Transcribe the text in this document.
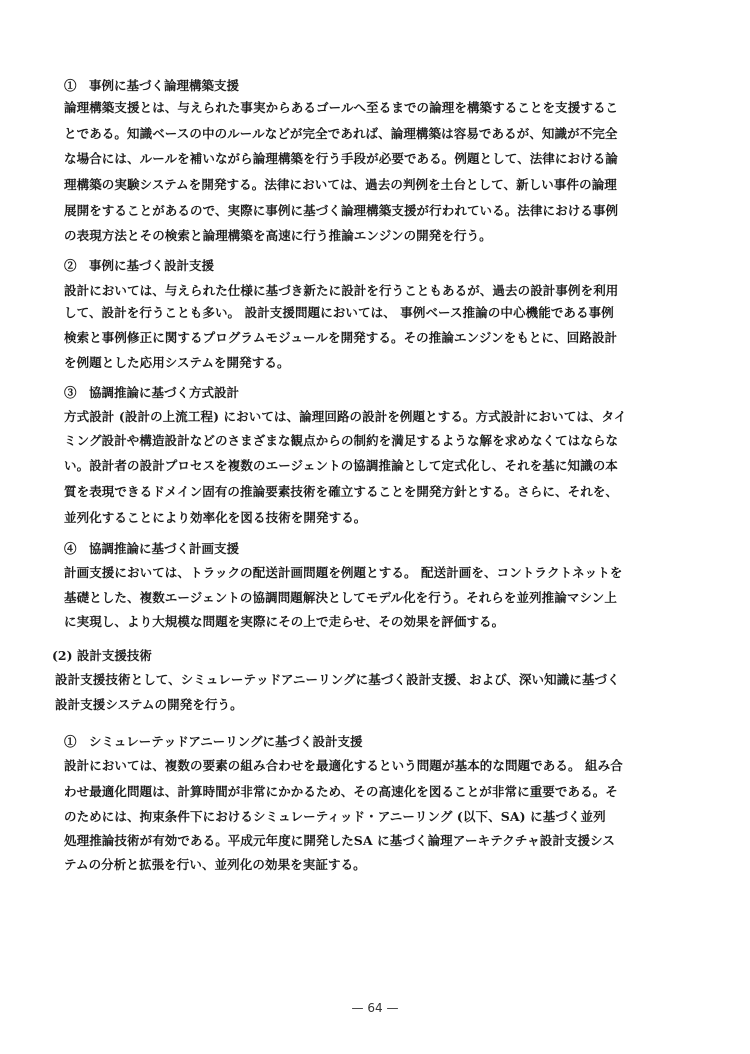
①　事例に基づく論理構築支援
論理構築支援とは、与えられた事実からあるゴールへ至るまでの論理を構築することを支援するこ
とである。知識ベースの中のルールなどが完全であれば、論理構築は容易であるが、知識が不完全
な場合には、ルールを補いながら論理構築を行う手段が必要である。例題として、法律における論
理構築の実験システムを開発する。法律においては、過去の判例を土台として、新しい事件の論理
展開をすることがあるので、実際に事例に基づく論理構築支援が行われている。法律における事例
の表現方法とその検索と論理構築を高速に行う推論エンジンの開発を行う。
②　事例に基づく設計支援
設計においては、与えられた仕様に基づき新たに設計を行うこともあるが、過去の設計事例を利用
して、設計を行うことも多い。 設計支援問題においては、 事例ベース推論の中心機能である事例
検索と事例修正に関するプログラムモジュールを開発する。その推論エンジンをもとに、回路設計
を例題とした応用システムを開発する。
③　協調推論に基づく方式設計
方式設計 (設計の上流工程) においては、論理回路の設計を例題とする。方式設計においては、タイ
ミング設計や構造設計などのさまざまな観点からの制約を満足するような解を求めなくてはならな
い。設計者の設計プロセスを複数のエージェントの協調推論として定式化し、それを基に知識の本
質を表現できるドメイン固有の推論要素技術を確立することを開発方針とする。さらに、それを、
並列化することにより効率化を図る技術を開発する。
④　協調推論に基づく計画支援
計画支援においては、トラックの配送計画問題を例題とする。 配送計画を、コントラクトネットを
基礎とした、複数エージェントの協調問題解決としてモデル化を行う。それらを並列推論マシン上
に実現し、より大規模な問題を実際にその上で走らせ、その効果を評価する。
(2) 設計支援技術
設計支援技術として、シミュレーテッドアニーリングに基づく設計支援、および、深い知識に基づく
設計支援システムの開発を行う。
①　シミュレーテッドアニーリングに基づく設計支援
設計においては、複数の要素の組み合わせを最適化するという問題が基本的な問題である。 組み合
わせ最適化問題は、計算時間が非常にかかるため、その高速化を図ることが非常に重要である。そ
のためには、拘束条件下におけるシミュレーティッド・アニーリング (以下、SA) に基づく並列
処理推論技術が有効である。平成元年度に開発したSA に基づく論理アーキテクチャ設計支援シス
テムの分析と拡張を行い、並列化の効果を実証する。
— 64 —
